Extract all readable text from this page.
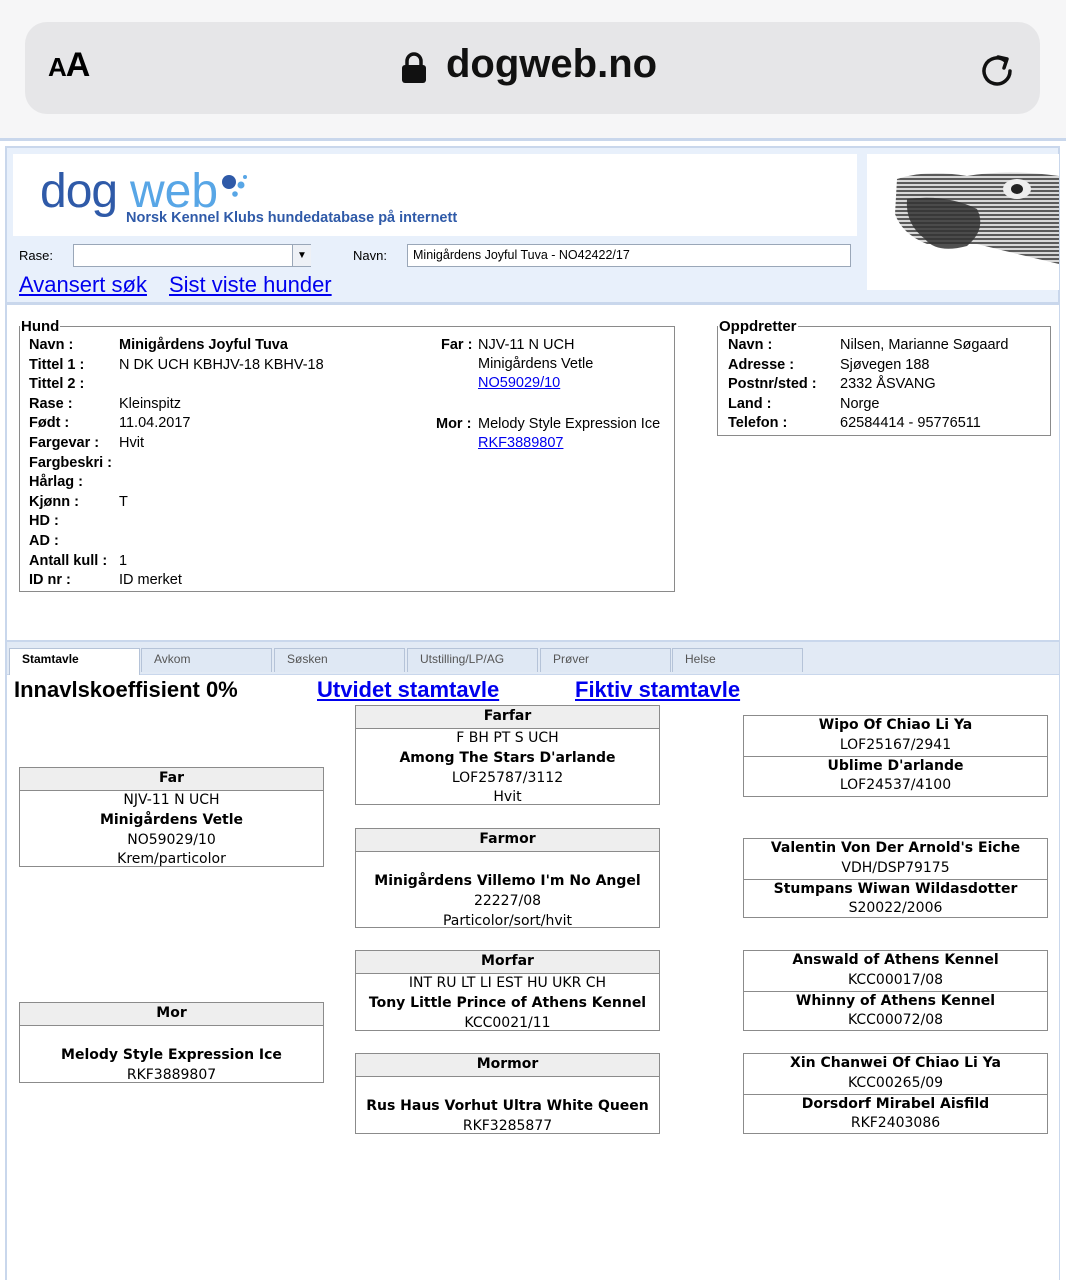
AA	dogweb.no
dog web
Norsk Kennel Klubs hundedatabase på internett
Rase:	▼	Navn:	Minigårdens Joyful Tuva - NO42422/17
Avansert søk Sist viste hunder
Hund
Navn :	Minigårdens Joyful Tuva
Tittel 1 : N DK UCH KBHJV-18 KBHV-18
Tittel 2 :
Rase :	Kleinspitz
Født :	11.04.2017
Fargevar : Hvit
Fargbeskri :
Hårlag :
Kjønn :	T
HD :
AD :
Antall kull : 1
ID nr :	ID merket
Far : NJV-11 N UCH
Minigårdens Vetle
NO59029/10
Mor : Melody Style Expression Ice
RKF3889807
Oppdretter
Navn :	Nilsen, Marianne Søgaard
Adresse :	Sjøvegen 188
Postnr/sted : 2332 ÅSVANG
Land :	Norge
Telefon :	62584414 - 95776511
Stamtavle	Avkom	Søsken	Utstilling/LP/AG	Prøver	Helse
Innavlskoeffisient 0%	Utvidet stamtavle	Fiktiv stamtavle
Far
NJV-11 N UCH
Minigårdens Vetle
NO59029/10
Krem/particolor
Mor
Melody Style Expression Ice
RKF3889807
Farfar
F BH PT S UCH
Among The Stars D'arlande
LOF25787/3112
Hvit
Farmor
Minigårdens Villemo I'm No Angel
22227/08
Particolor/sort/hvit
Morfar
INT RU LT LI EST HU UKR CH
Tony Little Prince of Athens Kennel
KCC0021/11
Mormor
Rus Haus Vorhut Ultra White Queen
RKF3285877
Wipo Of Chiao Li Ya
LOF25167/2941
Ublime D'arlande
LOF24537/4100
Valentin Von Der Arnold's Eiche
VDH/DSP79175
Stumpans Wiwan Wildasdotter
S20022/2006
Answald of Athens Kennel
KCC00017/08
Whinny of Athens Kennel
KCC00072/08
Xin Chanwei Of Chiao Li Ya
KCC00265/09
Dorsdorf Mirabel Aisfild
RKF2403086
